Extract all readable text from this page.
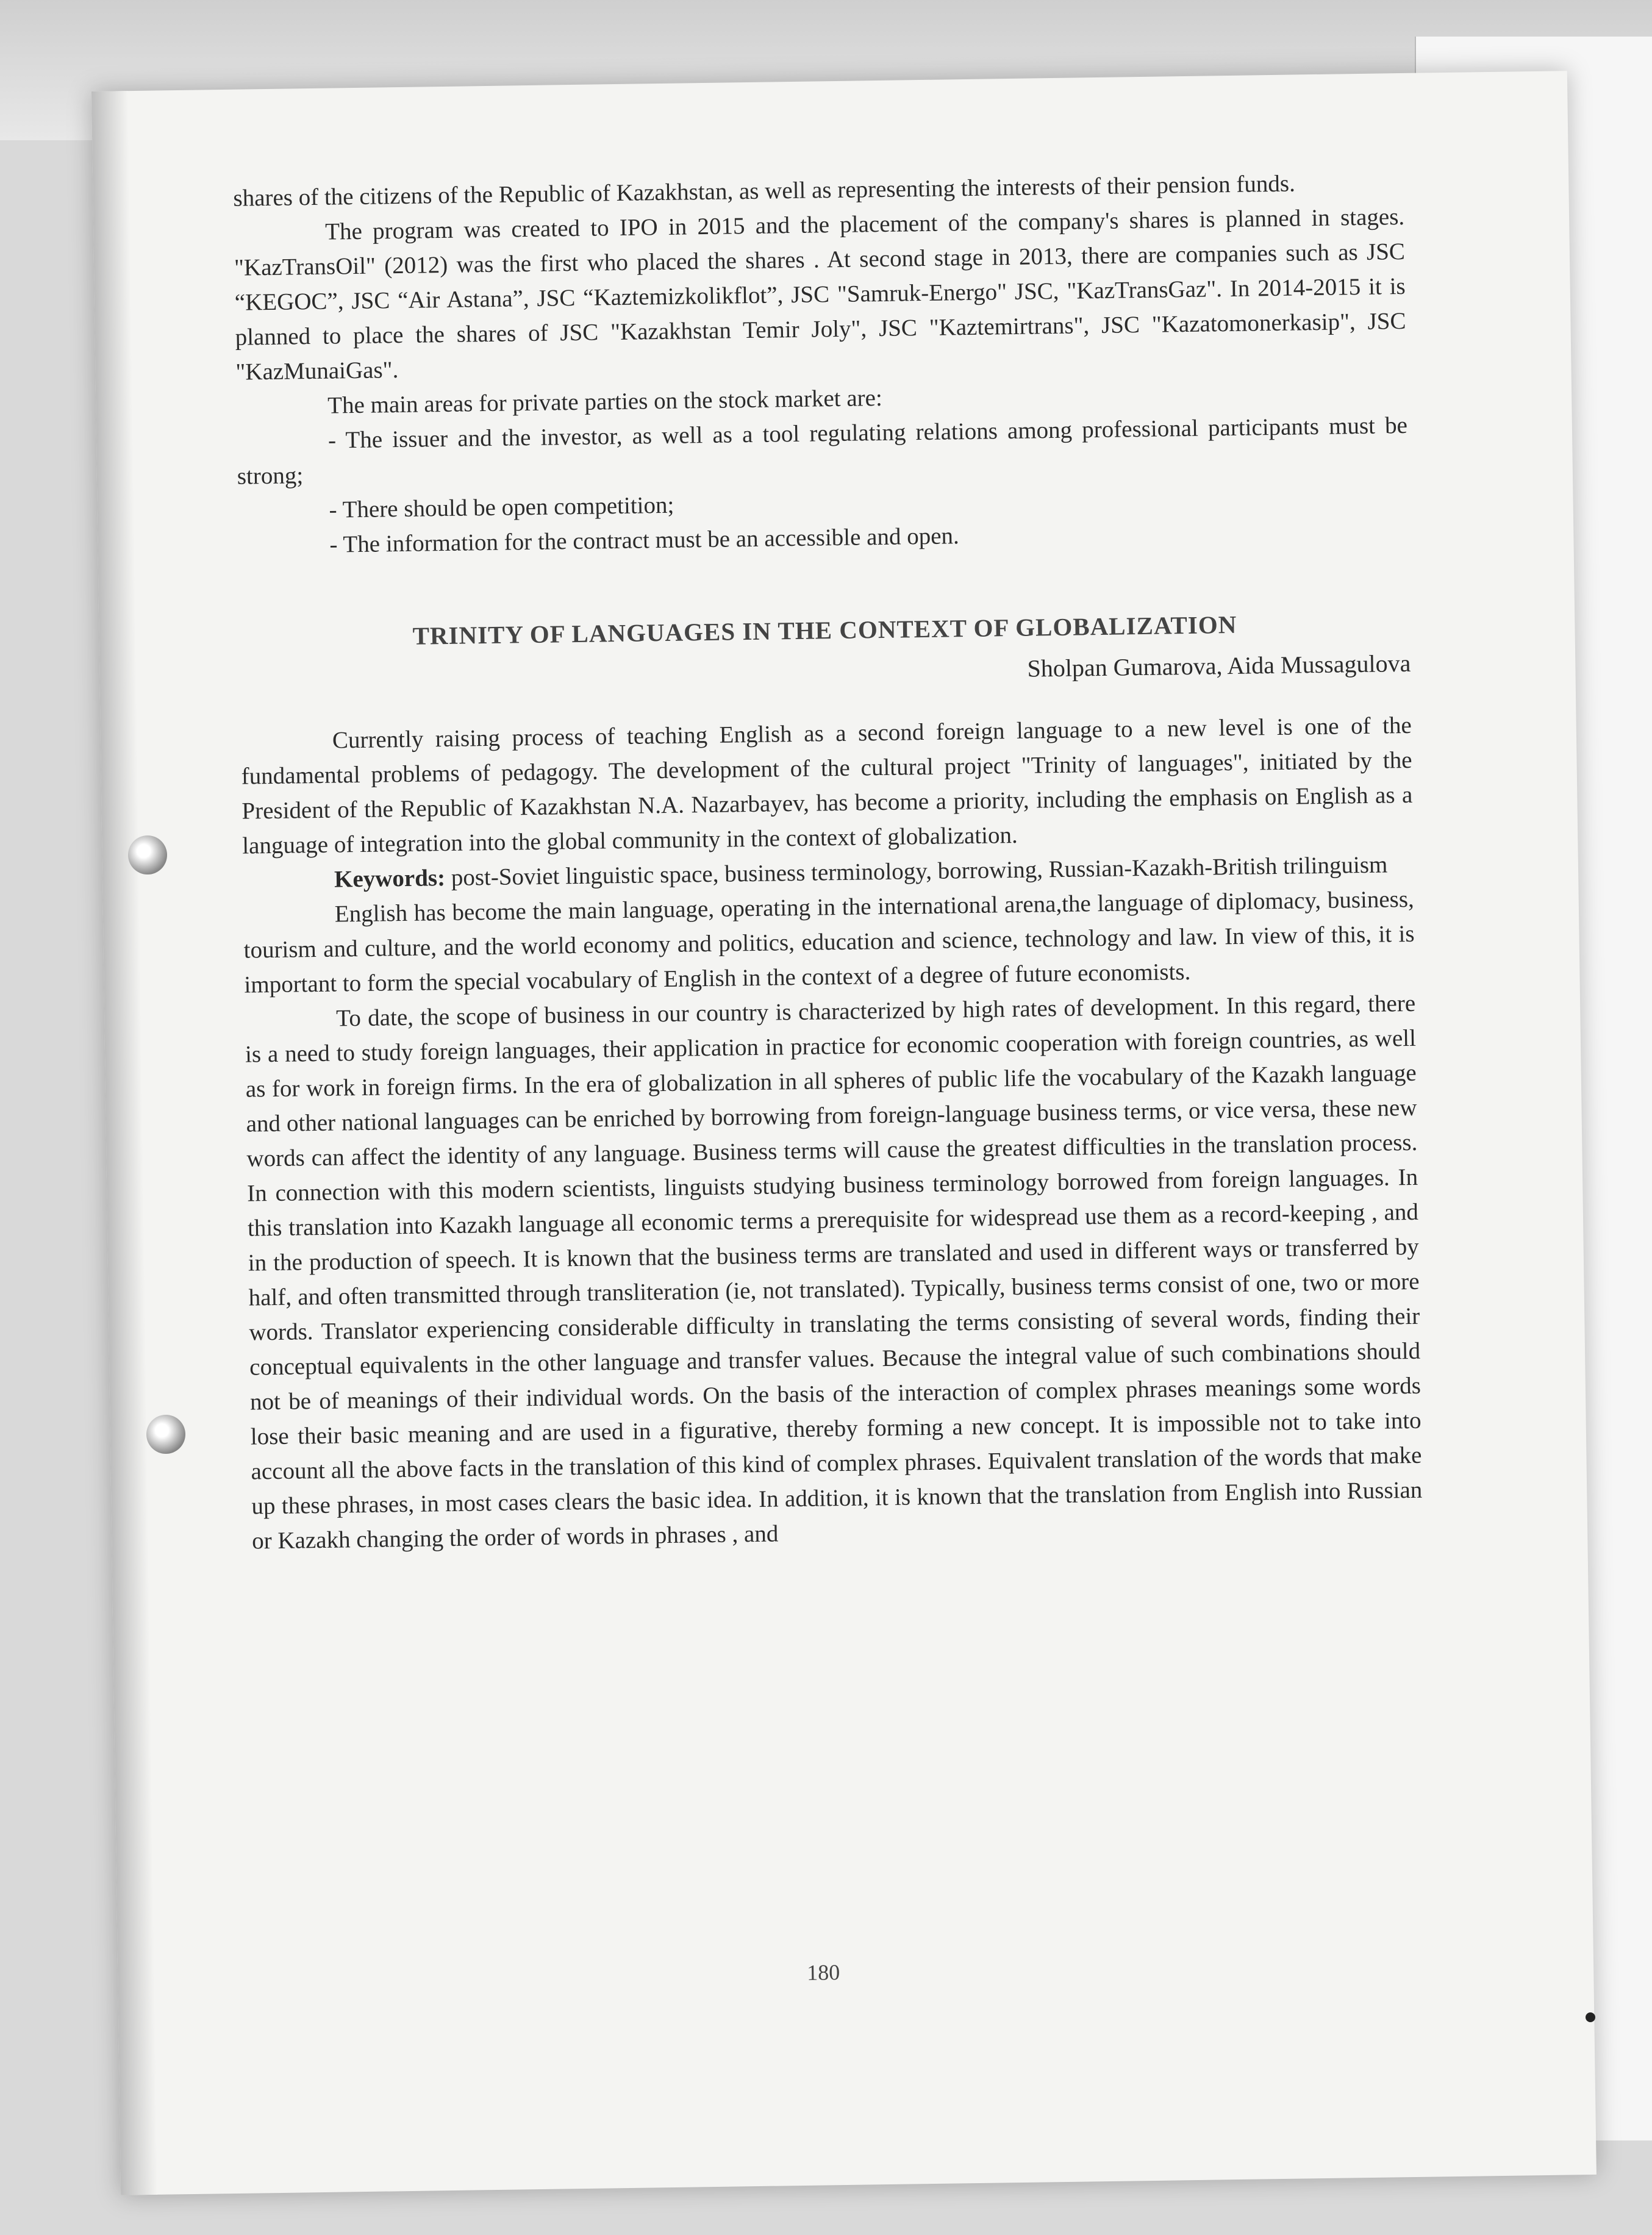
shares of the citizens of the Republic of Kazakhstan, as well as representing the interests of their pension funds.

The program was created to IPO in 2015 and the placement of the company's shares is planned in stages. "KazTransOil" (2012) was the first who placed the shares . At second stage in 2013, there are companies such as JSC “KEGOC”, JSC “Air Astana”, JSC “Kaztemizkolikflot”, JSC "Samruk-Energo" JSC, "KazTransGaz". In 2014-2015 it is planned to place the shares of JSC "Kazakhstan Temir Joly", JSC "Kaztemirtrans", JSC "Kazatomonerkasip", JSC "KazMunaiGas".

The main areas for private parties on the stock market are:

- The issuer and the investor, as well as a tool regulating relations among professional participants must be strong;

- There should be open competition;

- The information for the contract must be an accessible and open.

TRINITY OF LANGUAGES IN THE CONTEXT OF GLOBALIZATION

Sholpan Gumarova, Aida Mussagulova

Currently raising process of teaching English as a second foreign language to a new level is one of the fundamental problems of pedagogy. The development of the cultural project "Trinity of languages", initiated by the President of the Republic of Kazakhstan N.A. Nazarbayev, has become a priority, including the emphasis on English as a language of integration into the global community in the context of globalization.

Keywords: post-Soviet linguistic space, business terminology, borrowing, Russian-Kazakh-British trilinguism

English has become the main language, operating in the international arena,the language of diplomacy, business, tourism and culture, and the world economy and politics, education and science, technology and law. In view of this, it is important to form the special vocabulary of English in the context of a degree of future economists.

To date, the scope of business in our country is characterized by high rates of development. In this regard, there is a need to study foreign languages, their application in practice for economic cooperation with foreign countries, as well as for work in foreign firms. In the era of globalization in all spheres of public life the vocabulary of the Kazakh language and other national languages can be enriched by borrowing from foreign-language business terms, or vice versa, these new words can affect the identity of any language. Business terms will cause the greatest difficulties in the translation process. In connection with this modern scientists, linguists studying business terminology borrowed from foreign languages. In this translation into Kazakh language all economic terms a prerequisite for widespread use them as a record-keeping , and in the production of speech. It is known that the business terms are translated and used in different ways or transferred by half, and often transmitted through transliteration (ie, not translated). Typically, business terms consist of one, two or more words. Translator experiencing considerable difficulty in translating the terms consisting of several words, finding their conceptual equivalents in the other language and transfer values. Because the integral value of such combinations should not be of meanings of their individual words. On the basis of the interaction of complex phrases meanings some words lose their basic meaning and are used in a figurative, thereby forming a new concept. It is impossible not to take into account all the above facts in the translation of this kind of complex phrases. Equivalent translation of the words that make up these phrases, in most cases clears the basic idea. In addition, it is known that the translation from English into Russian or Kazakh changing the order of words in phrases , and

180
